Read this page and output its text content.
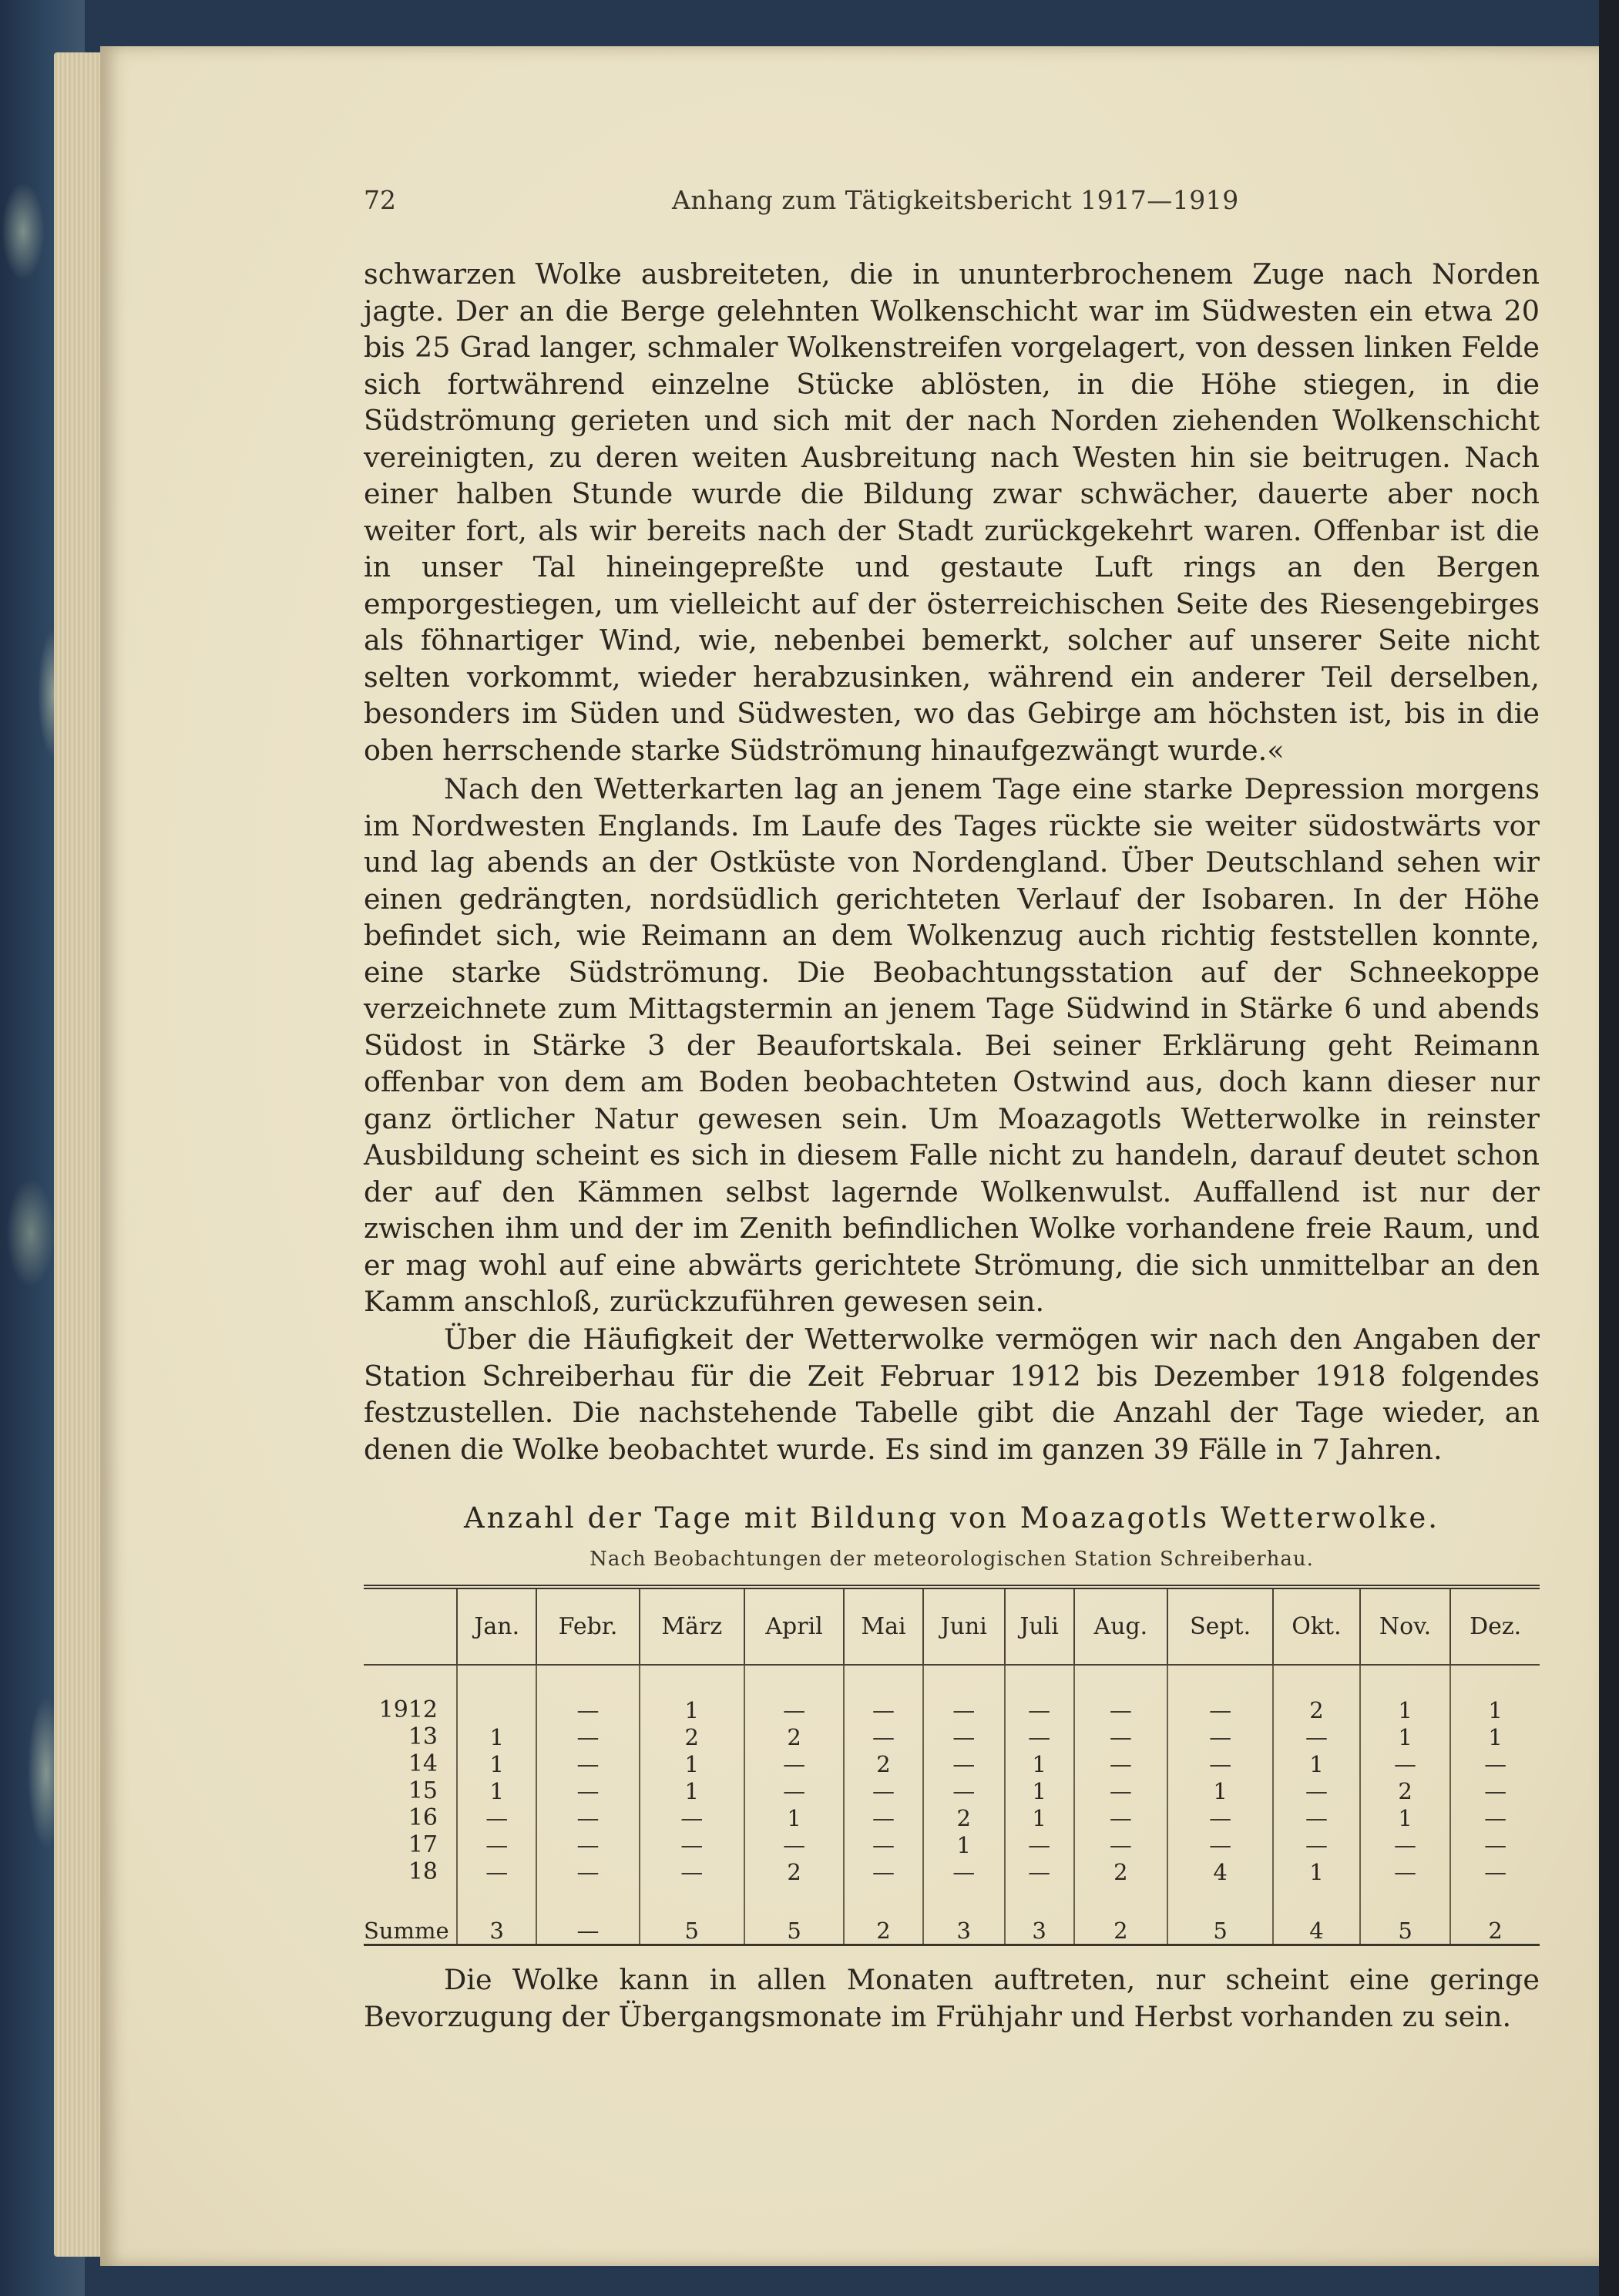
72	Anhang zum Tätigkeitsbericht 1917—1919

schwarzen Wolke ausbreiteten, die in ununterbrochenem Zuge nach Norden jagte. Der an die Berge gelehnten Wolkenschicht war im Südwesten ein etwa 20 bis 25 Grad langer, schmaler Wolkenstreifen vorgelagert, von dessen linken Felde sich fortwährend einzelne Stücke ablösten, in die Höhe stiegen, in die Südströmung gerieten und sich mit der nach Norden ziehenden Wolkenschicht vereinigten, zu deren weiten Ausbreitung nach Westen hin sie beitrugen. Nach einer halben Stunde wurde die Bildung zwar schwächer, dauerte aber noch weiter fort, als wir bereits nach der Stadt zurückgekehrt waren. Offenbar ist die in unser Tal hineingepreßte und gestaute Luft rings an den Bergen emporgestiegen, um vielleicht auf der österreichischen Seite des Riesengebirges als föhnartiger Wind, wie, nebenbei bemerkt, solcher auf unserer Seite nicht selten vorkommt, wieder herabzusinken, während ein anderer Teil derselben, besonders im Süden und Südwesten, wo das Gebirge am höchsten ist, bis in die oben herrschende starke Südströmung hinaufgezwängt wurde.«

Nach den Wetterkarten lag an jenem Tage eine starke Depression morgens im Nordwesten Englands. Im Laufe des Tages rückte sie weiter südostwärts vor und lag abends an der Ostküste von Nordengland. Über Deutschland sehen wir einen gedrängten, nordsüdlich gerichteten Verlauf der Isobaren. In der Höhe befindet sich, wie Reimann an dem Wolkenzug auch richtig feststellen konnte, eine starke Südströmung. Die Beobachtungsstation auf der Schneekoppe verzeichnete zum Mittagstermin an jenem Tage Südwind in Stärke 6 und abends Südost in Stärke 3 der Beaufortskala. Bei seiner Erklärung geht Reimann offenbar von dem am Boden beobachteten Ostwind aus, doch kann dieser nur ganz örtlicher Natur gewesen sein. Um Moazagotls Wetterwolke in reinster Ausbildung scheint es sich in diesem Falle nicht zu handeln, darauf deutet schon der auf den Kämmen selbst lagernde Wolkenwulst. Auffallend ist nur der zwischen ihm und der im Zenith befindlichen Wolke vorhandene freie Raum, und er mag wohl auf eine abwärts gerichtete Strömung, die sich unmittelbar an den Kamm anschloß, zurückzuführen gewesen sein.

Über die Häufigkeit der Wetterwolke vermögen wir nach den Angaben der Station Schreiberhau für die Zeit Februar 1912 bis Dezember 1918 folgendes festzustellen. Die nachstehende Tabelle gibt die Anzahl der Tage wieder, an denen die Wolke beobachtet wurde. Es sind im ganzen 39 Fälle in 7 Jahren.

Anzahl der Tage mit Bildung von Moazagotls Wetterwolke.
Nach Beobachtungen der meteorologischen Station Schreiberhau.
	Jan.	Febr.	März	April	Mai	Juni	Juli	Aug.	Sept.	Okt.	Nov.	Dez.
1912		—	1	—	—	—	—	—	—	2	1	1
13	1	—	2	2	—	—	—	—	—	—	1	1
14	1	—	1	—	2	—	1	—	—	1	—	—
15	1	—	1	—	—	—	1	—	1	—	2	—
16	—	—	—	1	—	2	1	—	—	—	1	—
17	—	—	—	—	—	1	—	—	—	—	—	—
18	—	—	—	2	—	—	—	2	4	1	—	—
Summe	3	—	5	5	2	3	3	2	5	4	5	2

Die Wolke kann in allen Monaten auftreten, nur scheint eine geringe Bevorzugung der Übergangsmonate im Frühjahr und Herbst vorhanden zu sein.
